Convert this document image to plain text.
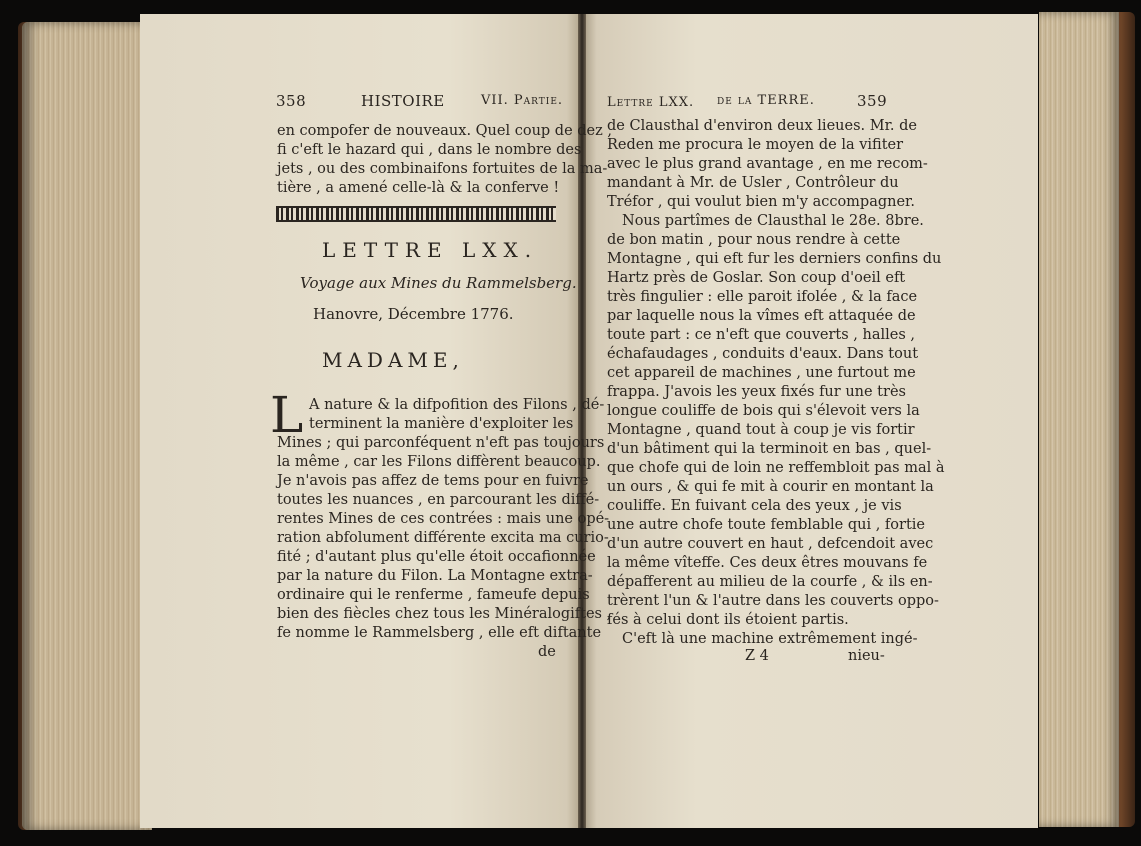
358	HISTOIRE	VII. Partie.
en compofer de nouveaux. Quel coup de dez ,
fi c'eft le hazard qui , dans le nombre des
jets , ou des combinaifons fortuites de la ma-
tière , a amené celle-là & la conferve !
LETTRE LXX.
Voyage aux Mines du Rammelsberg.
Hanovre, Décembre 1776.
MADAME,
L A nature & la difpofition des Filons , dé-
terminent la manière d'exploiter les
Mines ; qui parconféquent n'eft pas toujours
la même , car les Filons diffèrent beaucoup.
Je n'avois pas affez de tems pour en fuivre
toutes les nuances , en parcourant les diffé-
rentes Mines de ces contrées : mais une opé-
ration abfolument différente excita ma curio-
fité ; d'autant plus qu'elle étoit occafionnée
par la nature du Filon. La Montagne extra-
ordinaire qui le renferme , fameufe depuis
bien des fiècles chez tous les Minéralogiftes ,
fe nomme le Rammelsberg , elle eft diftante
de
Lettre LXX. de la TERRE.	359
de Clausthal d'environ deux lieues. Mr. de
Reden me procura le moyen de la vifiter
avec le plus grand avantage , en me recom-
mandant à Mr. de Usler , Contrôleur du
Tréfor , qui voulut bien m'y accompagner.
Nous partîmes de Clausthal le 28e. 8bre.
de bon matin , pour nous rendre à cette
Montagne , qui eft fur les derniers confins du
Hartz près de Goslar. Son coup d'oeil eft
très fingulier : elle paroit ifolée , & la face
par laquelle nous la vîmes eft attaquée de
toute part : ce n'eft que couverts , halles ,
échafaudages , conduits d'eaux. Dans tout
cet appareil de machines , une furtout me
frappa. J'avois les yeux fixés fur une très
longue couliffe de bois qui s'élevoit vers la
Montagne , quand tout à coup je vis fortir
d'un bâtiment qui la terminoit en bas , quel-
que chofe qui de loin ne reffembloit pas mal à
un ours , & qui fe mit à courir en montant la
couliffe. En fuivant cela des yeux , je vis
une autre chofe toute femblable qui , fortie
d'un autre couvert en haut , defcendoit avec
la même vîteffe. Ces deux êtres mouvans fe
dépafferent au milieu de la courfe , & ils en-
trèrent l'un & l'autre dans les couverts oppo-
fés à celui dont ils étoient partis.
C'eft là une machine extrêmement ingé-
Z 4	nieu-
